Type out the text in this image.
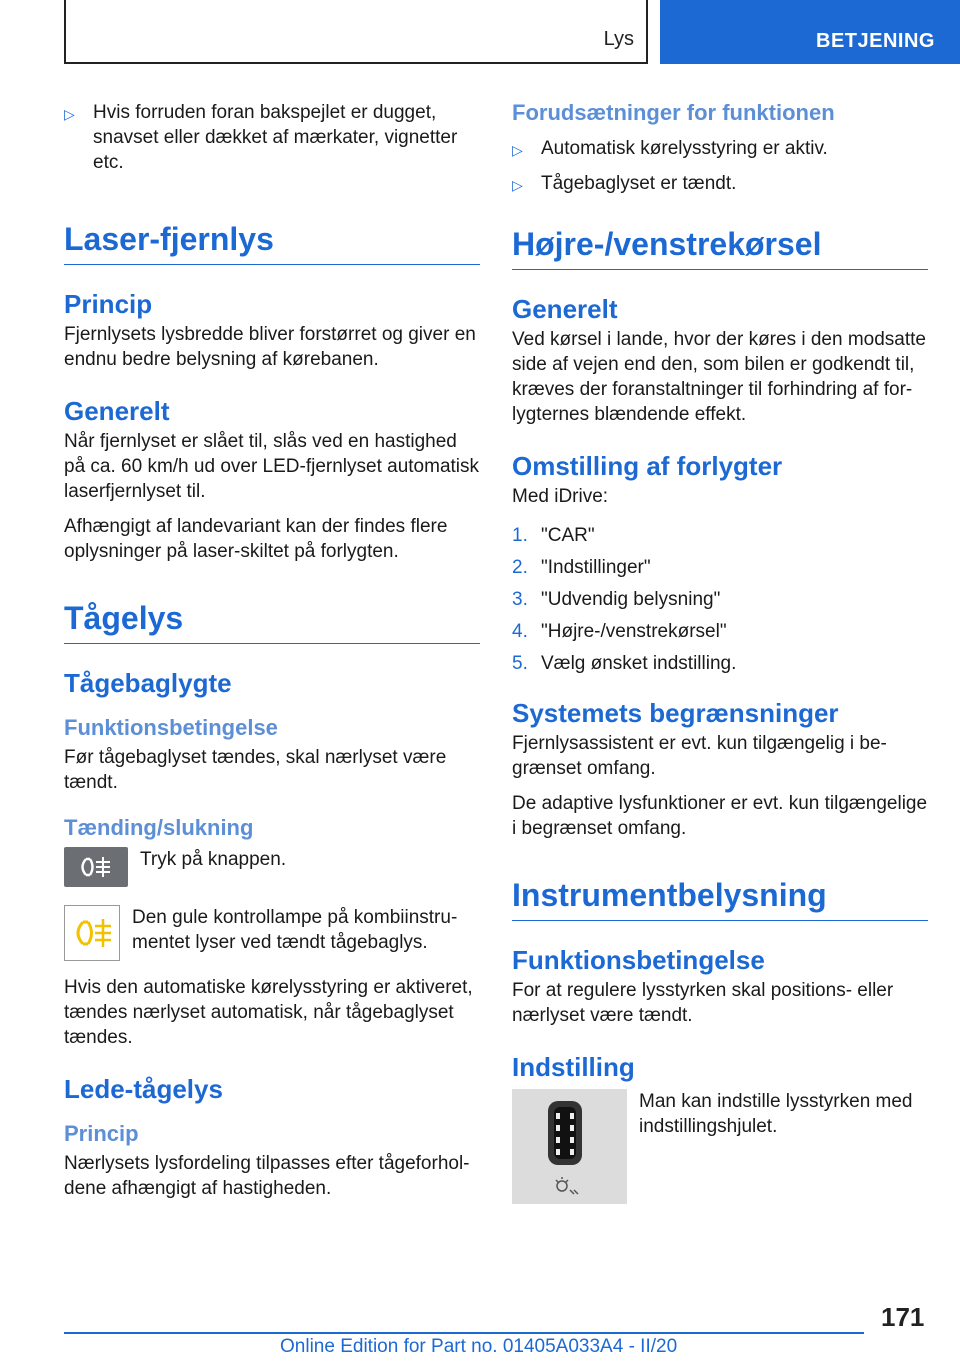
Lys	BETJENING
▷ Hvis forruden foran bakspejlet er dugget, snavset eller dækket af mærkater, vignetter etc.
Laser-fjernlys
Princip

Fjernlysets lysbredde bliver forstørret og giver en endnu bedre belysning af kørebanen.

Generelt

Når fjernlyset er slået til, slås ved en hastighed på ca. 60 km/h ud over LED-fjernlyset automatisk laserfjernlyset til.

Afhængigt af landevariant kan der findes flere oplysninger på laser-skiltet på forlygten.

Tågelys
Tågebaglygte
Funktionsbetingelse

Før tågebaglyset tændes, skal nærlyset være tændt.

Tænding/slukning
Tryk på knappen.
Den gule kontrollampe på kombiinstru-mentet lyser ved tændt tågebaglys.

Hvis den automatiske kørelysstyring er aktiveret, tændes nærlyset automatisk, når tågebaglyset tændes.

Lede-tågelys
Princip

Nærlysets lysfordeling tilpasses efter tågeforhol-dene afhængigt af hastigheden.

Forudsætninger for funktionen
▷ Automatisk kørelysstyring er aktiv.
▷ Tågebaglyset er tændt.
Højre-/venstrekørsel
Generelt

Ved kørsel i lande, hvor der køres i den modsatte side af vejen end den, som bilen er godkendt til, kræves der foranstaltninger til forhindring af for-lygternes blændende effekt.

Omstilling af forlygter

Med iDrive:

1. "CAR"
2. "Indstillinger"
3. "Udvendig belysning"
4. "Højre-/venstrekørsel"
5. Vælg ønsket indstilling.
Systemets begrænsninger

Fjernlysassistent er evt. kun tilgængelig i be-grænset omfang.

De adaptive lysfunktioner er evt. kun tilgængelige i begrænset omfang.

Instrumentbelysning
Funktionsbetingelse

For at regulere lysstyrken skal positions- eller nærlyset være tændt.

Indstilling
Man kan indstille lysstyrken med indstillingshjulet.
171
Online Edition for Part no. 01405A033A4 - II/20
